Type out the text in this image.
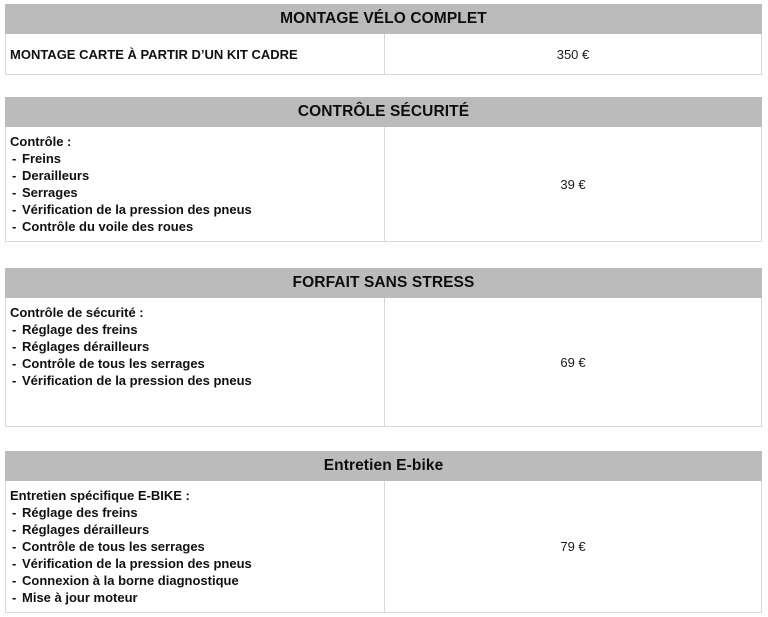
MONTAGE VÉLO COMPLET
MONTAGE CARTE À PARTIR D’UN KIT CADRE	350 €
CONTRÔLE SÉCURITÉ
Contrôle :
- Freins
- Derailleurs
- Serrages
- Vérification de la pression des pneus
- Contrôle du voile des roues
39 €
FORFAIT SANS STRESS
Contrôle de sécurité :
- Réglage des freins
- Réglages dérailleurs
- Contrôle de tous les serrages
- Vérification de la pression des pneus
69 €
Entretien E-bike
Entretien spécifique E-BIKE :
- Réglage des freins
- Réglages dérailleurs
- Contrôle de tous les serrages
- Vérification de la pression des pneus
- Connexion à la borne diagnostique
- Mise à jour moteur
79 €
